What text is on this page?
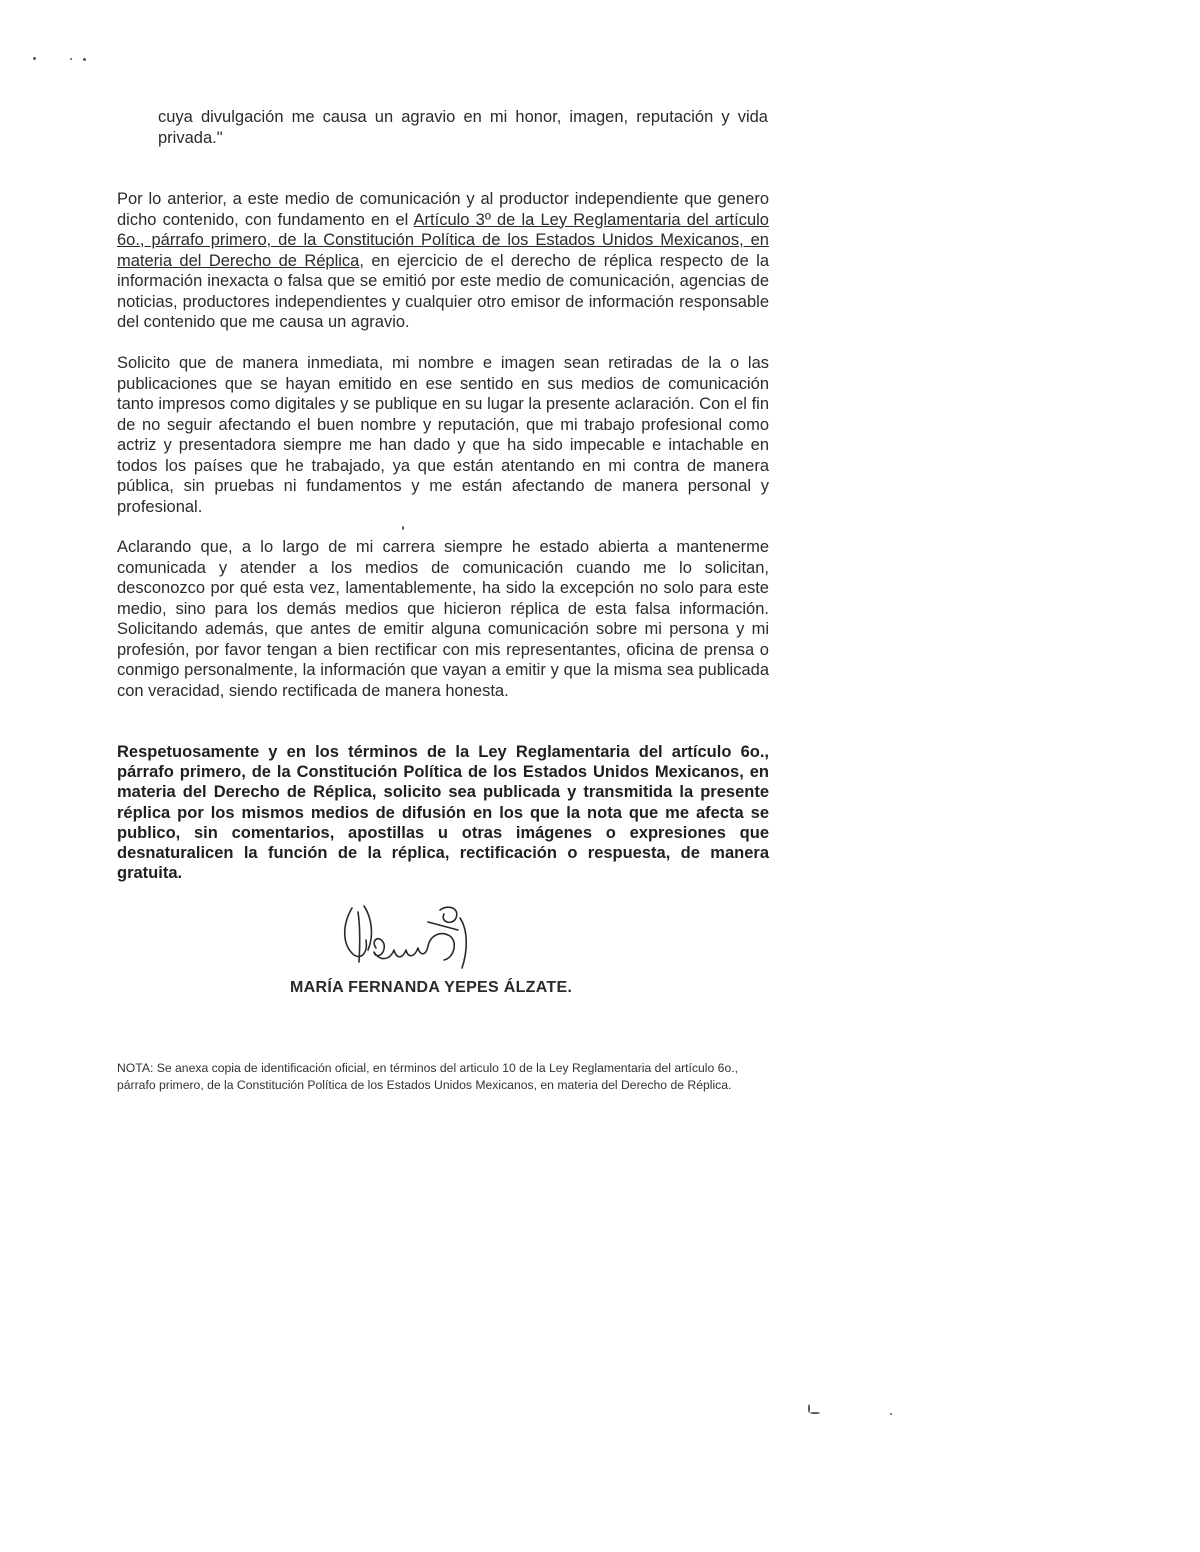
cuya divulgación me causa un agravio en mi honor, imagen, reputación y vida privada."
Por lo anterior, a este medio de comunicación y al productor independiente que genero dicho contenido, con fundamento en el Artículo 3º de la Ley Reglamentaria del artículo 6o., párrafo primero, de la Constitución Política de los Estados Unidos Mexicanos, en materia del Derecho de Réplica, en ejercicio de el derecho de réplica respecto de la información inexacta o falsa que se emitió por este medio de comunicación, agencias de noticias, productores independientes y cualquier otro emisor de información responsable del contenido que me causa un agravio.
Solicito que de manera inmediata, mi nombre e imagen sean retiradas de la o las publicaciones que se hayan emitido en ese sentido en sus medios de comunicación tanto impresos como digitales y se publique en su lugar la presente aclaración. Con el fin de no seguir afectando el buen nombre y reputación, que mi trabajo profesional como actriz y presentadora siempre me han dado y que ha sido impecable e intachable en todos los países que he trabajado, ya que están atentando en mi contra de manera pública, sin pruebas ni fundamentos y me están afectando de manera personal y profesional.
Aclarando que, a lo largo de mi carrera siempre he estado abierta a mantenerme comunicada y atender a los medios de comunicación cuando me lo solicitan, desconozco por qué esta vez, lamentablemente, ha sido la excepción no solo para este medio, sino para los demás medios que hicieron réplica de esta falsa información. Solicitando además, que antes de emitir alguna comunicación sobre mi persona y mi profesión, por favor tengan a bien rectificar con mis representantes, oficina de prensa o conmigo personalmente, la información que vayan a emitir y que la misma sea publicada con veracidad, siendo rectificada de manera honesta.
Respetuosamente y en los términos de la Ley Reglamentaria del artículo 6o., párrafo primero, de la Constitución Política de los Estados Unidos Mexicanos, en materia del Derecho de Réplica, solicito sea publicada y transmitida la presente réplica por los mismos medios de difusión en los que la nota que me afecta se publico, sin comentarios, apostillas u otras imágenes o expresiones que desnaturalicen la función de la réplica, rectificación o respuesta, de manera gratuita.
MARÍA FERNANDA YEPES ÁLZATE.
NOTA: Se anexa copia de identificación oficial, en términos del articulo 10 de la Ley Reglamentaria del artículo 6o., párrafo primero, de la Constitución Política de los Estados Unidos Mexicanos, en materia del Derecho de Réplica.
